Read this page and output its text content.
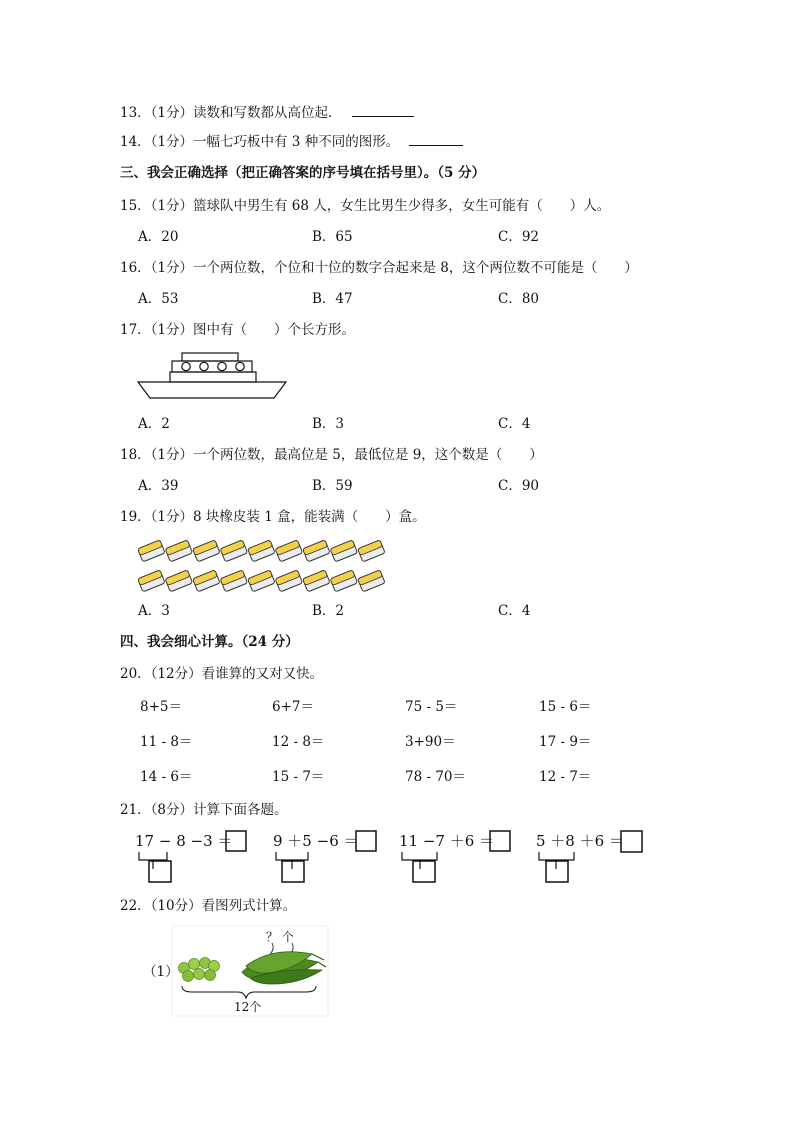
13．（1分）读数和写数都从高位起．
14．（1分）一幅七巧板中有 3 种不同的图形。
三、我会正确选择（把正确答案的序号填在括号里）。（5 分）
15．（1分）篮球队中男生有 68 人，女生比男生少得多，女生可能有（　　）人。
A．20	B．65	C．92
16．（1分）一个两位数，个位和十位的数字合起来是 8，这个两位数不可能是（　　）
A．53	B．47	C．80
17．（1分）图中有（　　）个长方形。
A．2	B．3	C．4
18．（1分）一个两位数，最高位是 5，最低位是 9，这个数是（　　）
A．39	B．59	C．90
19．（1分）8 块橡皮装 1 盒，能装满（　　）盒。
A．3	B．2	C．4
四、我会细心计算。（24 分）
20．（12分）看谁算的又对又快。
8+5＝	6+7＝	75 - 5＝	15 - 6＝
11 - 8＝	12 - 8＝	3+90＝	17 - 9＝
14 - 6＝	15 - 7＝	78 - 70＝	12 - 7＝
21．（8分）计算下面各题。
17 − 8 −3 ＝	9 ＋5 −6 ＝	11 −7 ＋6 ＝	5 ＋8 ＋6 ＝
22．（10分）看图列式计算。
（1）
？ 个
12个
